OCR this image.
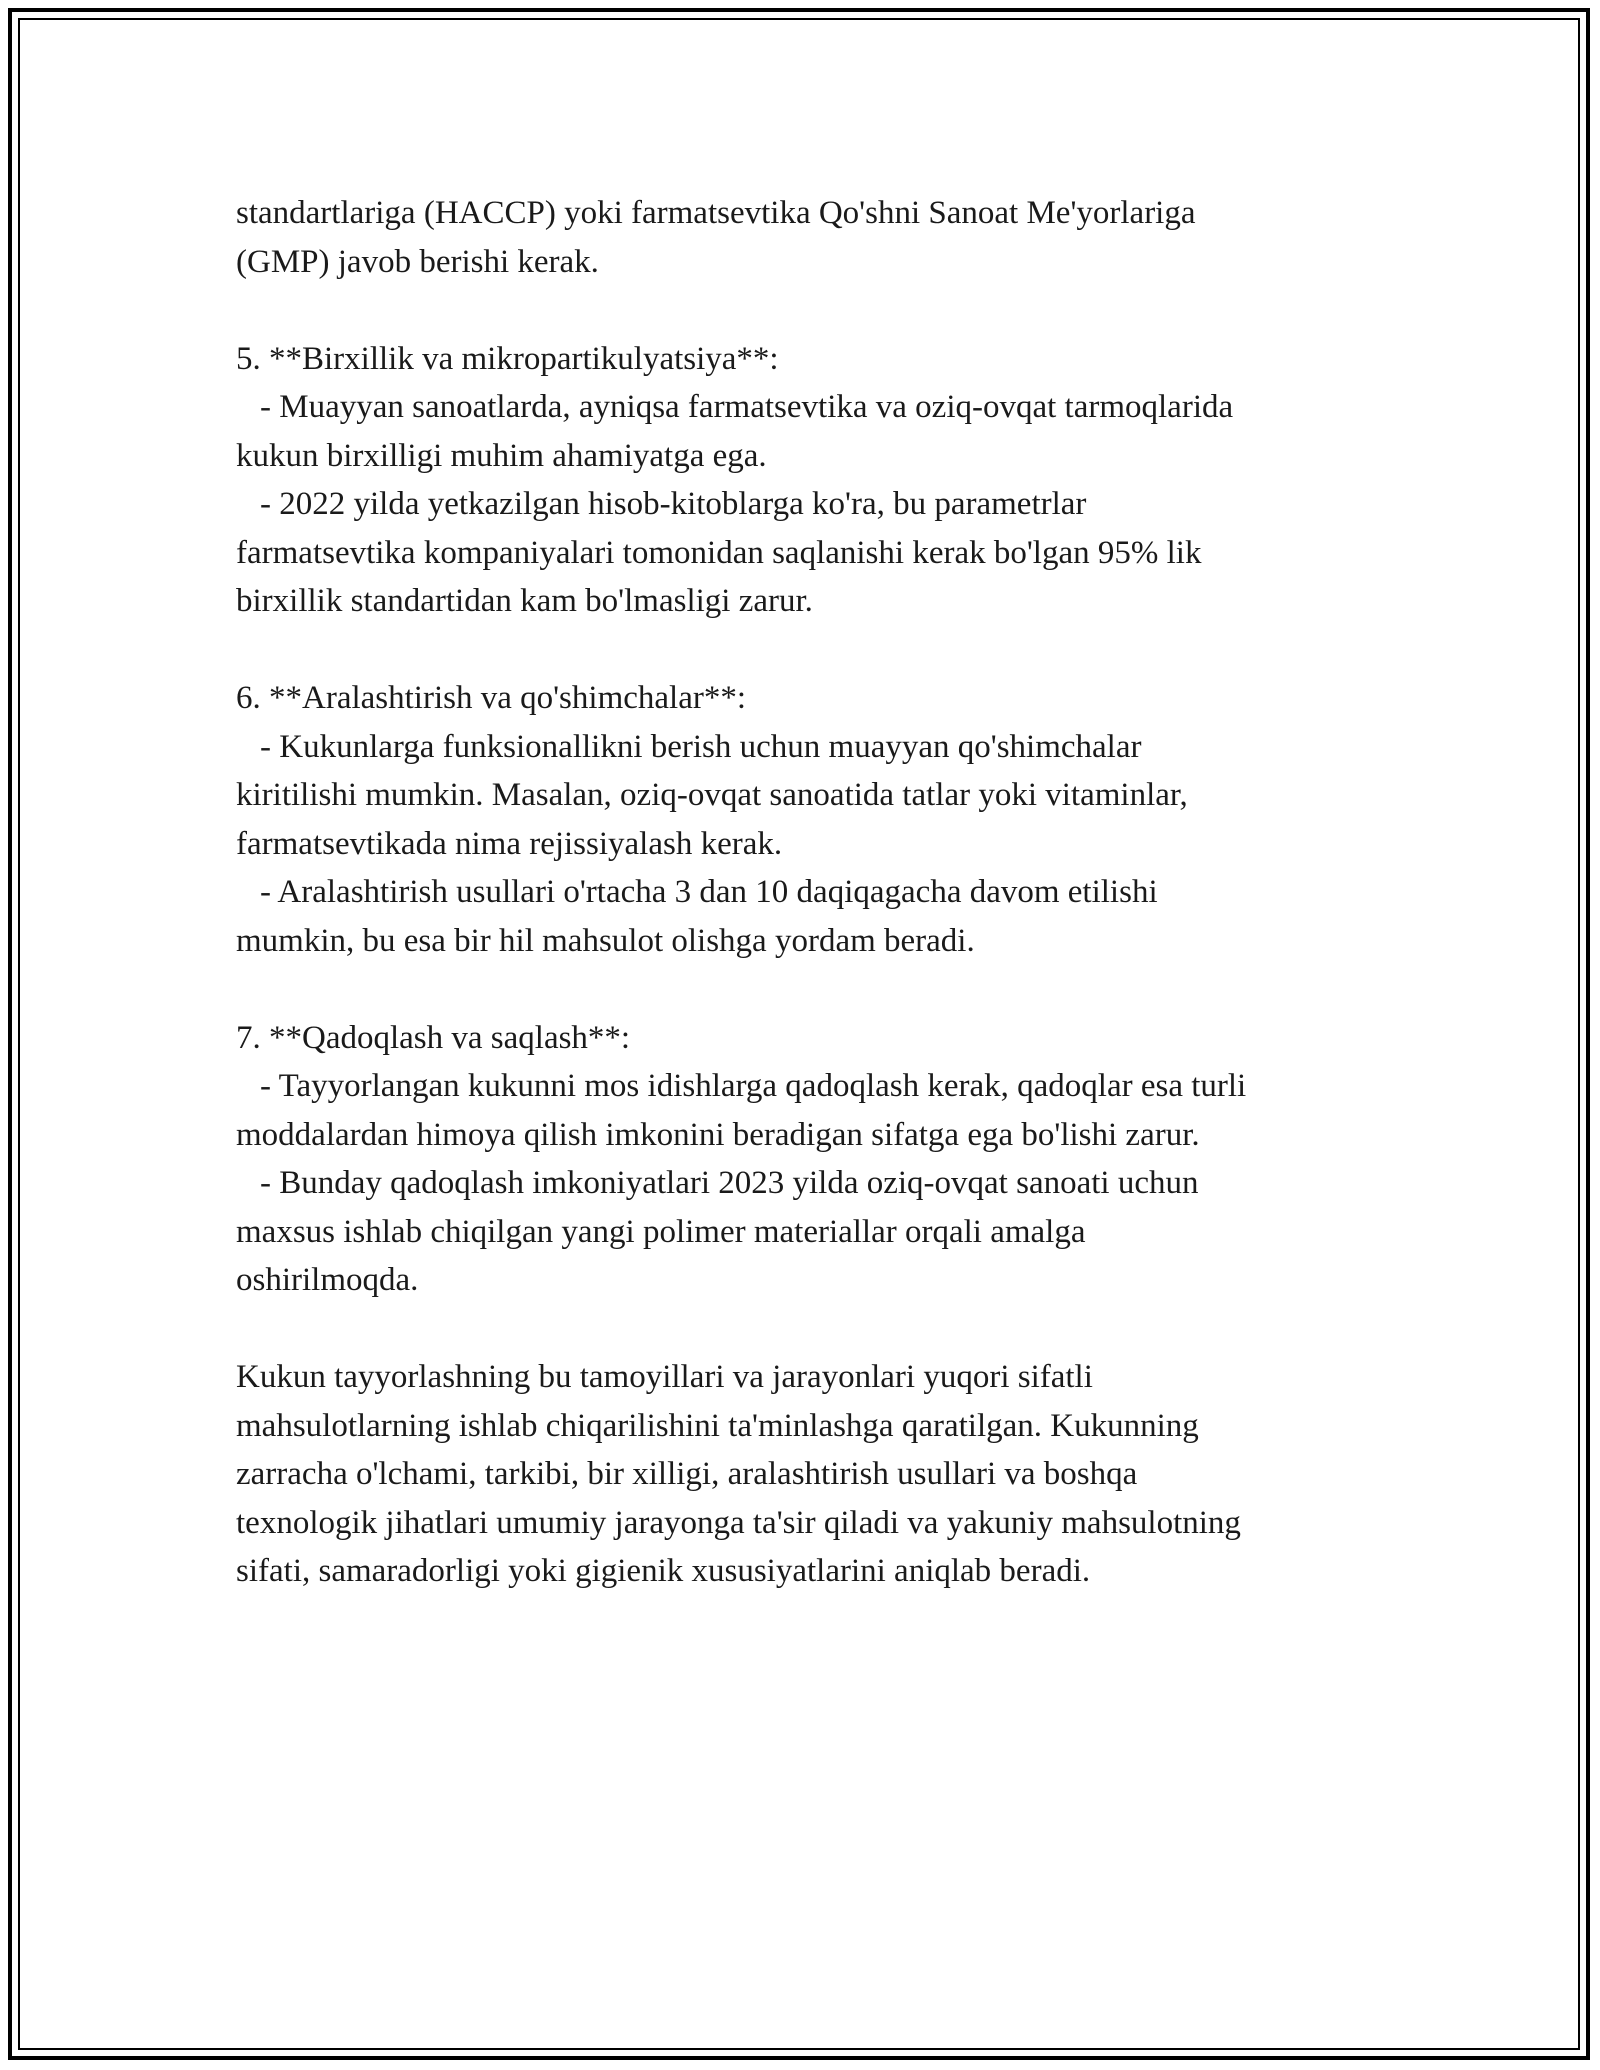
standartlariga (HACCP) yoki farmatsevtika Qo'shni Sanoat Me'yorlariga
(GMP) javob berishi kerak.
5. **Birxillik va mikropartikulyatsiya**:
- Muayyan sanoatlarda, ayniqsa farmatsevtika va oziq-ovqat tarmoqlarida
kukun birxilligi muhim ahamiyatga ega.
- 2022 yilda yetkazilgan hisob-kitoblarga ko'ra, bu parametrlar
farmatsevtika kompaniyalari tomonidan saqlanishi kerak bo'lgan 95% lik
birxillik standartidan kam bo'lmasligi zarur.
6. **Aralashtirish va qo'shimchalar**:
- Kukunlarga funksionallikni berish uchun muayyan qo'shimchalar
kiritilishi mumkin. Masalan, oziq-ovqat sanoatida tatlar yoki vitaminlar,
farmatsevtikada nima rejissiyalash kerak.
- Aralashtirish usullari o'rtacha 3 dan 10 daqiqagacha davom etilishi
mumkin, bu esa bir hil mahsulot olishga yordam beradi.
7. **Qadoqlash va saqlash**:
- Tayyorlangan kukunni mos idishlarga qadoqlash kerak, qadoqlar esa turli
moddalardan himoya qilish imkonini beradigan sifatga ega bo'lishi zarur.
- Bunday qadoqlash imkoniyatlari 2023 yilda oziq-ovqat sanoati uchun
maxsus ishlab chiqilgan yangi polimer materiallar orqali amalga
oshirilmoqda.
Kukun tayyorlashning bu tamoyillari va jarayonlari yuqori sifatli
mahsulotlarning ishlab chiqarilishini ta'minlashga qaratilgan. Kukunning
zarracha o'lchami, tarkibi, bir xilligi, aralashtirish usullari va boshqa
texnologik jihatlari umumiy jarayonga ta'sir qiladi va yakuniy mahsulotning
sifati, samaradorligi yoki gigienik xususiyatlarini aniqlab beradi.
